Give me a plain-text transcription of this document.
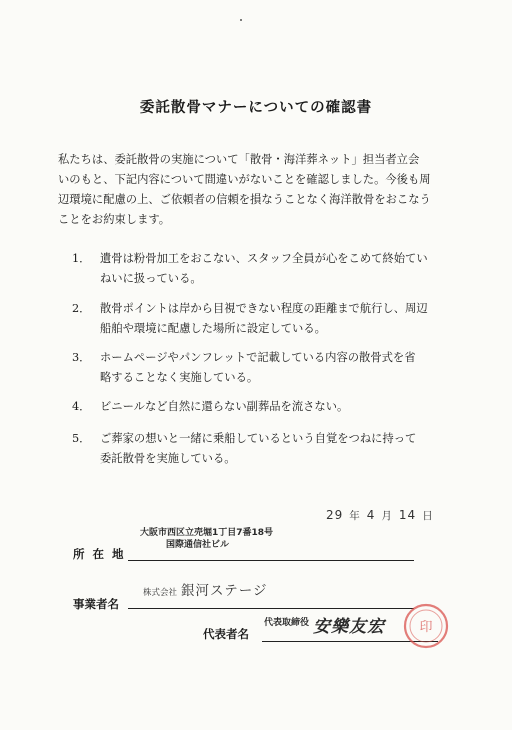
委託散骨マナーについての確認書
私たちは、委託散骨の実施について「散骨・海洋葬ネット」担当者立会
いのもと、下記内容について間違いがないことを確認しました。今後も周
辺環境に配慮の上、ご依頼者の信頼を損なうことなく海洋散骨をおこなう
ことをお約束します。
1． 遺骨は粉骨加工をおこない、スタッフ全員が心をこめて終始てい
ねいに扱っている。
2． 散骨ポイントは岸から目視できない程度の距離まで航行し、周辺
船舶や環境に配慮した場所に設定している。
3． ホームページやパンフレットで記載している内容の散骨式を省
略することなく実施している。
4． ビニールなど自然に還らない副葬品を流さない。
5． ご葬家の想いと一緒に乗船しているという自覚をつねに持って
委託散骨を実施している。
29 年 4 月 14 日
大阪市西区立売堀1丁目7番18号
国際通信社ビル
所 在 地
株式会社 銀河ステージ
事業者名
代表者名
$^{代表取締役}$ 安樂友宏	印
